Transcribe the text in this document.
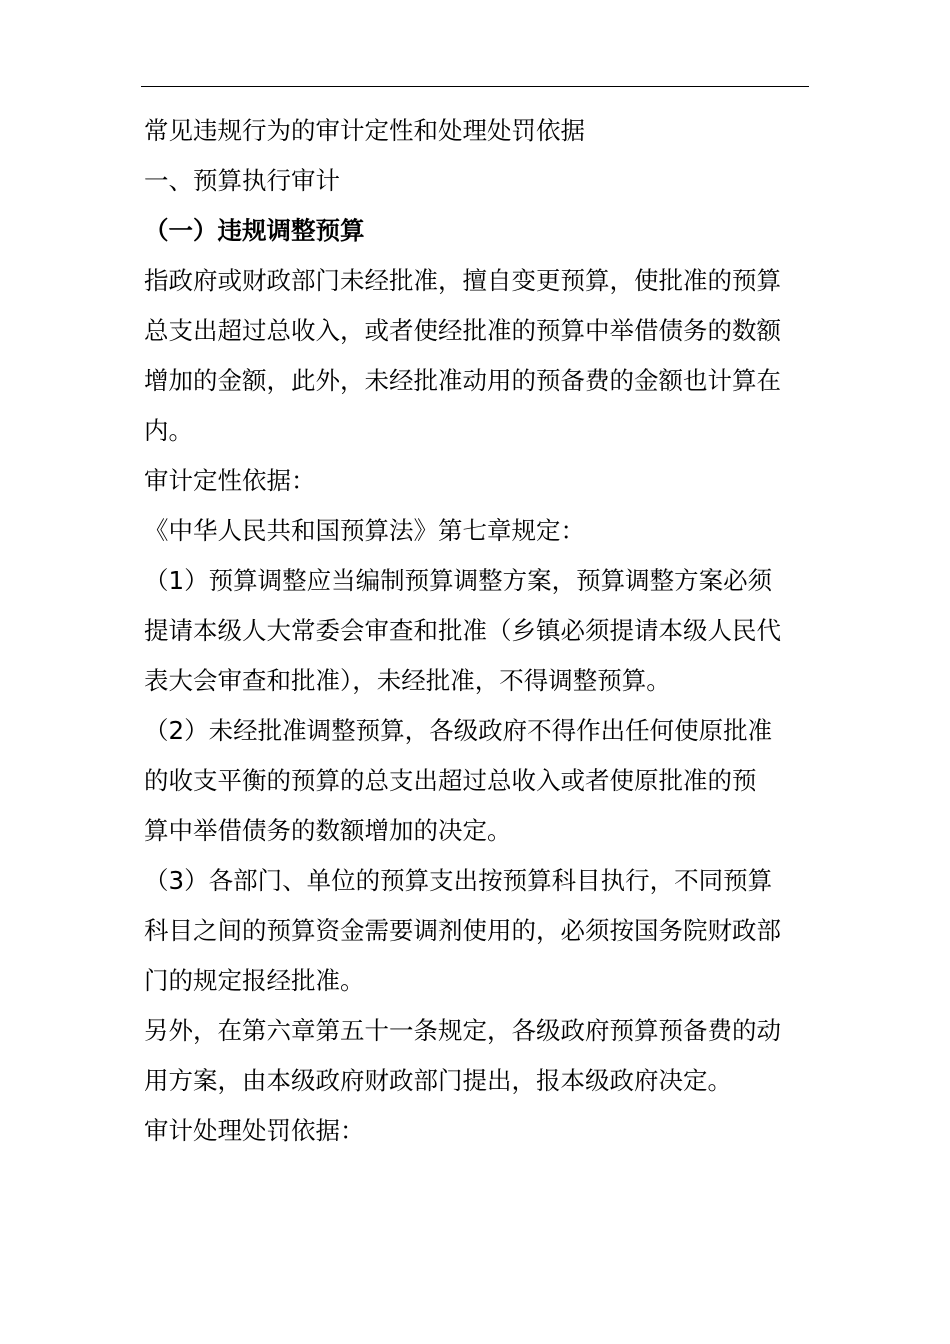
常见违规行为的审计定性和处理处罚依据
一、预算执行审计
（一）违规调整预算
指政府或财政部门未经批准，擅自变更预算，使批准的预算
总支出超过总收入，或者使经批准的预算中举借债务的数额
增加的金额，此外，未经批准动用的预备费的金额也计算在
内。
审计定性依据：
《中华人民共和国预算法》第七章规定：
（1）预算调整应当编制预算调整方案，预算调整方案必须
提请本级人大常委会审查和批准（乡镇必须提请本级人民代
表大会审查和批准），未经批准，不得调整预算。
（2）未经批准调整预算，各级政府不得作出任何使原批准
的收支平衡的预算的总支出超过总收入或者使原批准的预
算中举借债务的数额增加的决定。
（3）各部门、单位的预算支出按预算科目执行，不同预算
科目之间的预算资金需要调剂使用的，必须按国务院财政部
门的规定报经批准。
另外，在第六章第五十一条规定，各级政府预算预备费的动
用方案，由本级政府财政部门提出，报本级政府决定。
审计处理处罚依据：
